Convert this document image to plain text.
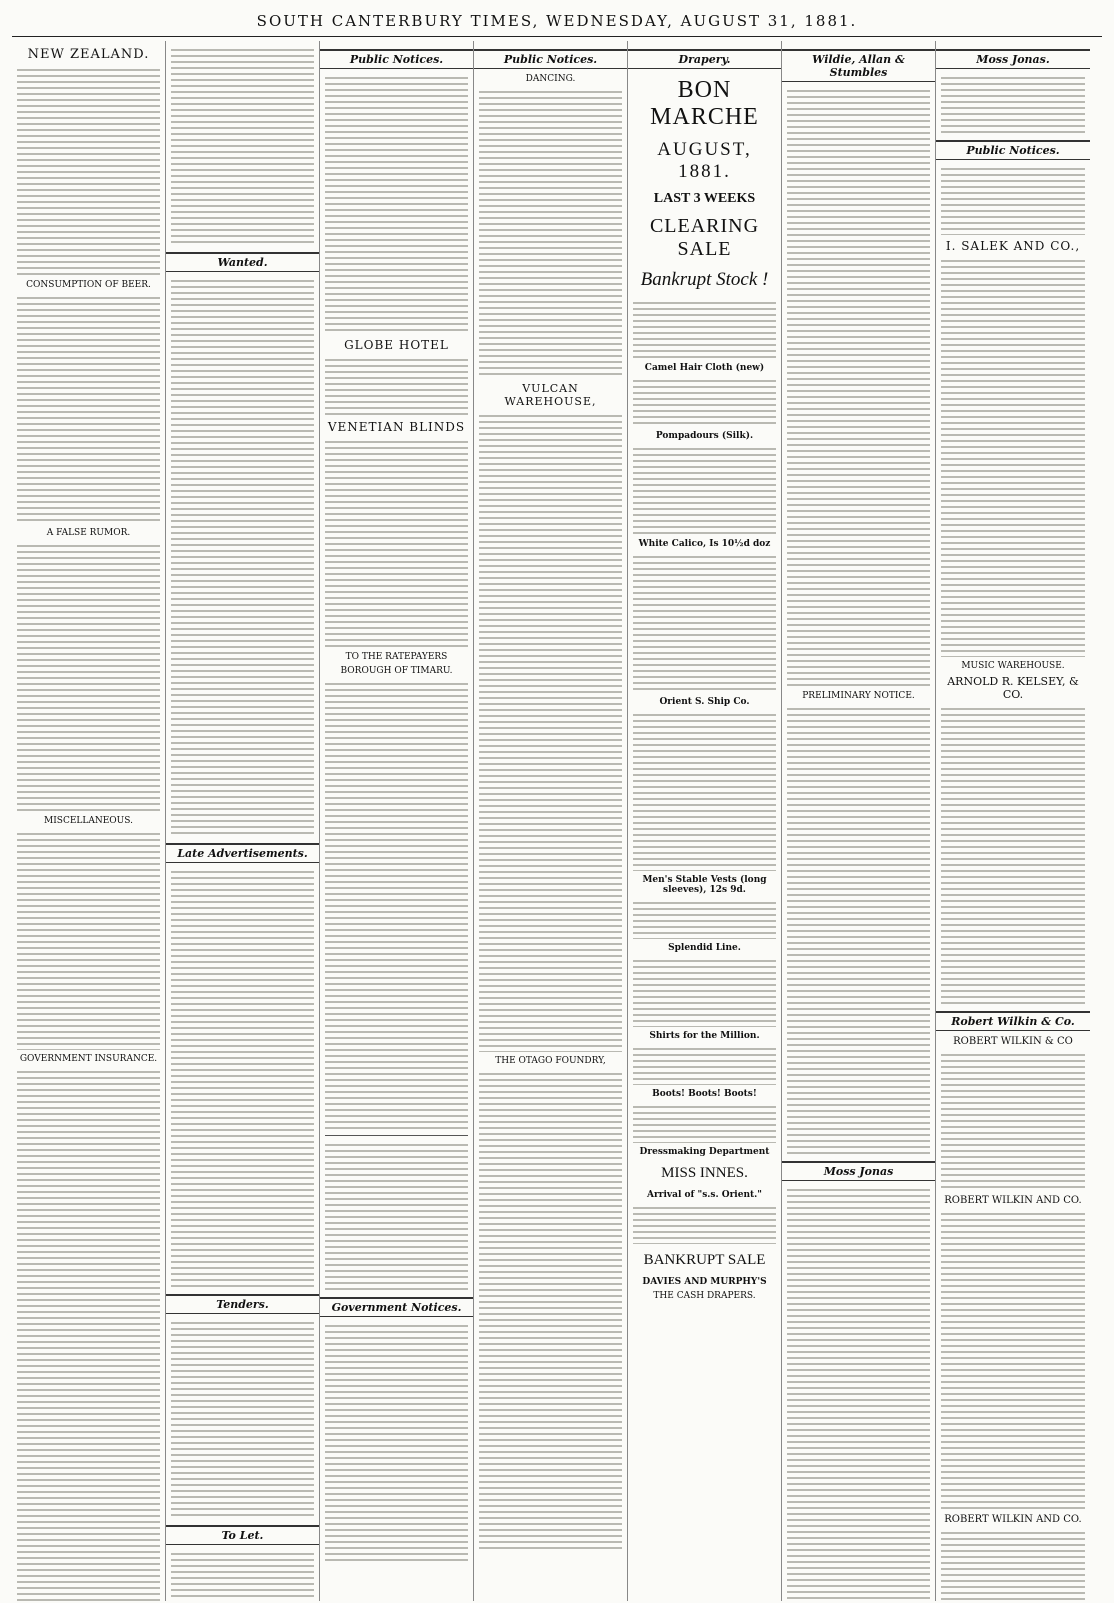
SOUTH CANTERBURY TIMES, WEDNESDAY, AUGUST 31, 1881.
NEW ZEALAND.
CONSUMPTION OF BEER.
A FALSE RUMOR.
MISCELLANEOUS.
GOVERNMENT INSURANCE.
Wanted.
Late Advertisements.
Tenders.
To Let.
Public Notices.
GLOBE HOTEL
VENETIAN BLINDS
TO THE RATEPAYERS
BOROUGH OF TIMARU.
Government Notices.
Public Notices.
DANCING.
VULCAN WAREHOUSE,
THE OTAGO FOUNDRY,
Drapery.
BON MARCHE
AUGUST, 1881.
LAST 3 WEEKS
CLEARING SALE
Bankrupt Stock !
Camel Hair Cloth (new)
Pompadours (Silk).
White Calico, Is 10½d doz
Orient S. Ship Co.
Men's Stable Vests (long sleeves), 12s 9d.
Splendid Line.
Shirts for the Million.
Boots! Boots! Boots!
Dressmaking Department
MISS INNES.
Arrival of "s.s. Orient."
BANKRUPT SALE
DAVIES AND MURPHY'S
THE CASH DRAPERS.
Wildie, Allan & Stumbles
PRELIMINARY NOTICE.
Moss Jonas
Moss Jonas.
Public Notices.
I. SALEK AND CO.,
MUSIC WAREHOUSE.
ARNOLD R. KELSEY, & CO.
Robert Wilkin & Co.
ROBERT WILKIN & CO
ROBERT WILKIN AND CO.
ROBERT WILKIN AND CO.
